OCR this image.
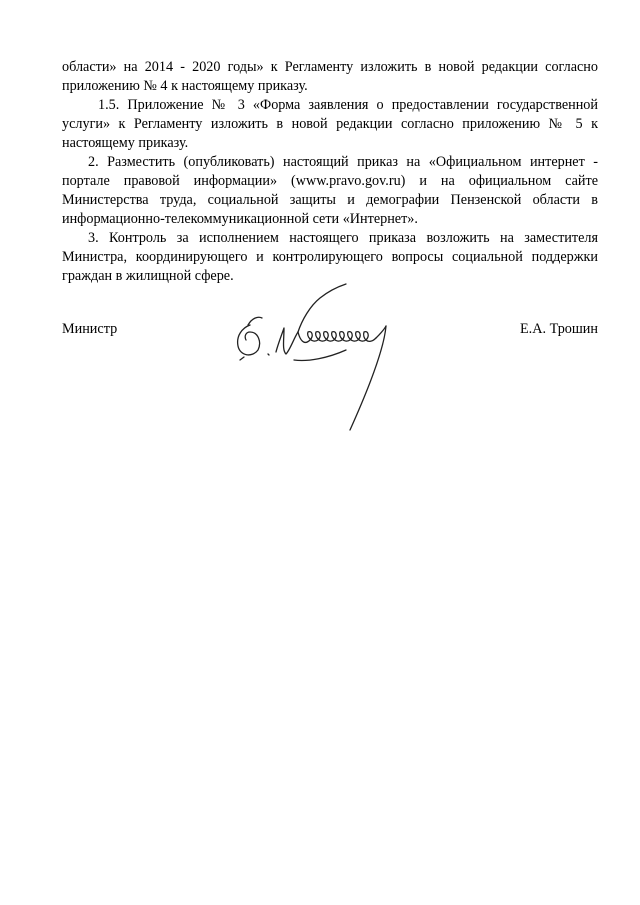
области» на 2014 - 2020 годы» к Регламенту изложить в новой редакции согласно приложению № 4 к настоящему приказу.

1.5. Приложение № 3 «Форма заявления о предоставлении государственной услуги» к Регламенту изложить в новой редакции согласно приложению № 5 к настоящему приказу.

2. Разместить (опубликовать) настоящий приказ на «Официальном интернет - портале правовой информации» (www.pravo.gov.ru) и на официальном сайте Министерства труда, социальной защиты и демографии Пензенской области в информационно-телекоммуникационной сети «Интернет».

3. Контроль за исполнением настоящего приказа возложить на заместителя Министра, координирующего и контролирующего вопросы социальной поддержки граждан в жилищной сфере.

Министр	Е.А. Трошин
